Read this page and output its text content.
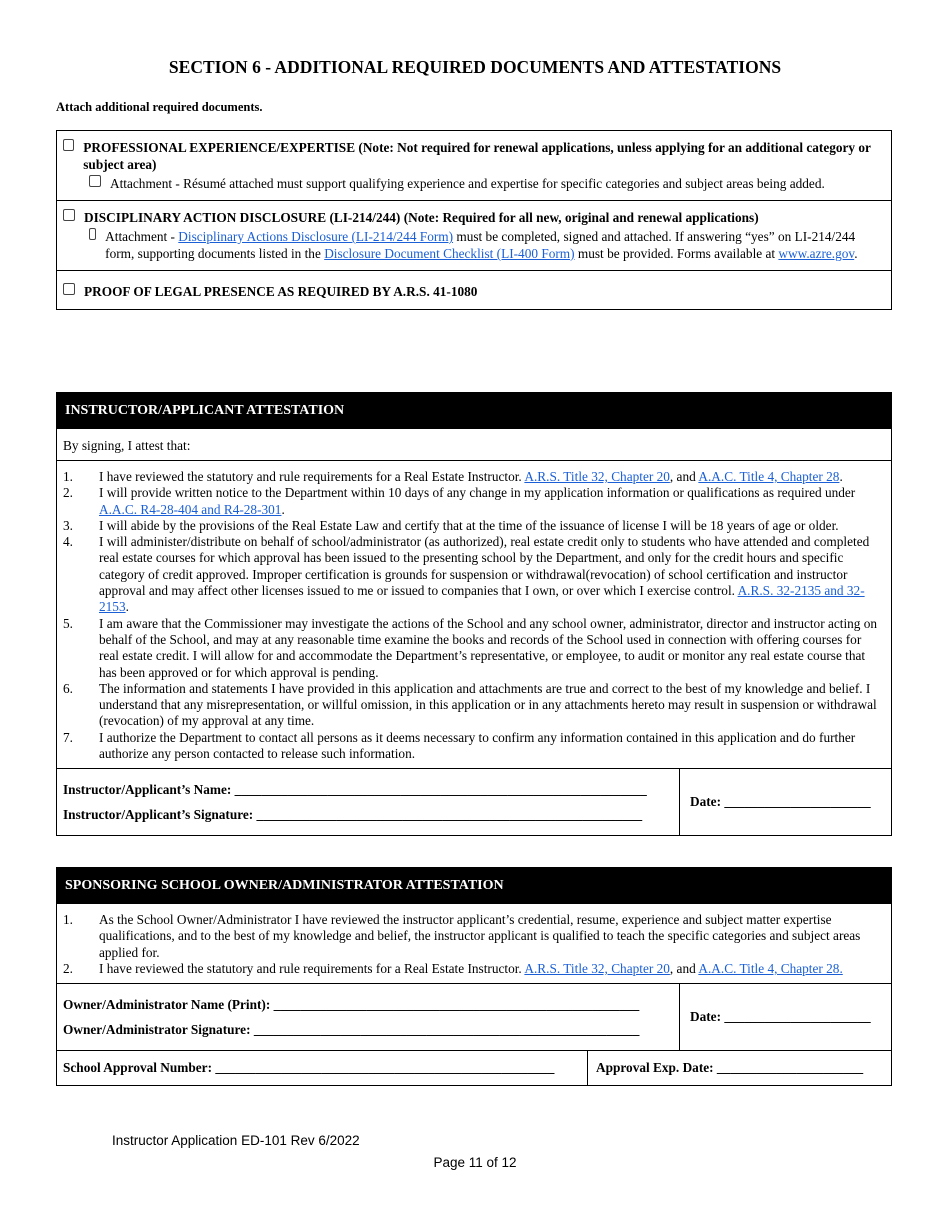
SECTION 6 - ADDITIONAL REQUIRED DOCUMENTS AND ATTESTATIONS
Attach additional required documents.
PROFESSIONAL EXPERIENCE/EXPERTISE (Note: Not required for renewal applications, unless applying for an additional category or subject area)
Attachment - Résumé attached must support qualifying experience and expertise for specific categories and subject areas being added.
DISCIPLINARY ACTION DISCLOSURE (LI-214/244) (Note: Required for all new, original and renewal applications)
Attachment - Disciplinary Actions Disclosure (LI-214/244 Form) must be completed, signed and attached. If answering “yes” on LI-214/244 form, supporting documents listed in the Disclosure Document Checklist (LI-400 Form) must be provided. Forms available at www.azre.gov.
PROOF OF LEGAL PRESENCE AS REQUIRED BY A.R.S. 41-1080
INSTRUCTOR/APPLICANT ATTESTATION
By signing, I attest that:
1.	I have reviewed the statutory and rule requirements for a Real Estate Instructor. A.R.S. Title 32, Chapter 20, and A.A.C. Title 4, Chapter 28.
2.	I will provide written notice to the Department within 10 days of any change in my application information or qualifications as required under A.A.C. R4-28-404 and R4-28-301.
3.	I will abide by the provisions of the Real Estate Law and certify that at the time of the issuance of license I will be 18 years of age or older.
4.	I will administer/distribute on behalf of school/administrator (as authorized), real estate credit only to students who have attended and completed real estate courses for which approval has been issued to the presenting school by the Department, and only for the credit hours and specific category of credit approved. Improper certification is grounds for suspension or withdrawal(revocation) of school certification and instructor approval and may affect other licenses issued to me or issued to companies that I own, or over which I exercise control. A.R.S. 32-2135 and 32-2153.
5.	I am aware that the Commissioner may investigate the actions of the School and any school owner, administrator, director and instructor acting on behalf of the School, and may at any reasonable time examine the books and records of the School used in connection with offering courses for real estate credit. I will allow for and accommodate the Department’s representative, or employee, to audit or monitor any real estate course that has been approved or for which approval is pending.
6.	The information and statements I have provided in this application and attachments are true and correct to the best of my knowledge and belief. I understand that any misrepresentation, or willful omission, in this application or in any attachments hereto may result in suspension or withdrawal (revocation) of my approval at any time.
7.	I authorize the Department to contact all persons as it deems necessary to confirm any information contained in this application and do further authorize any person contacted to release such information.
Instructor/Applicant’s Name: ______________________________________________________________
Instructor/Applicant’s Signature: __________________________________________________________
Date: ______________________
SPONSORING SCHOOL OWNER/ADMINISTRATOR ATTESTATION
1.	As the School Owner/Administrator I have reviewed the instructor applicant’s credential, resume, experience and subject matter expertise qualifications, and to the best of my knowledge and belief, the instructor applicant is qualified to teach the specific categories and subject areas applied for.
2.	I have reviewed the statutory and rule requirements for a Real Estate Instructor. A.R.S. Title 32, Chapter 20, and A.A.C. Title 4, Chapter 28.
Owner/Administrator Name (Print): _______________________________________________________
Owner/Administrator Signature: __________________________________________________________
Date: ______________________
School Approval Number: ___________________________________________________	Approval Exp. Date: ______________________
Instructor Application ED-101 Rev 6/2022
Page 11 of 12
